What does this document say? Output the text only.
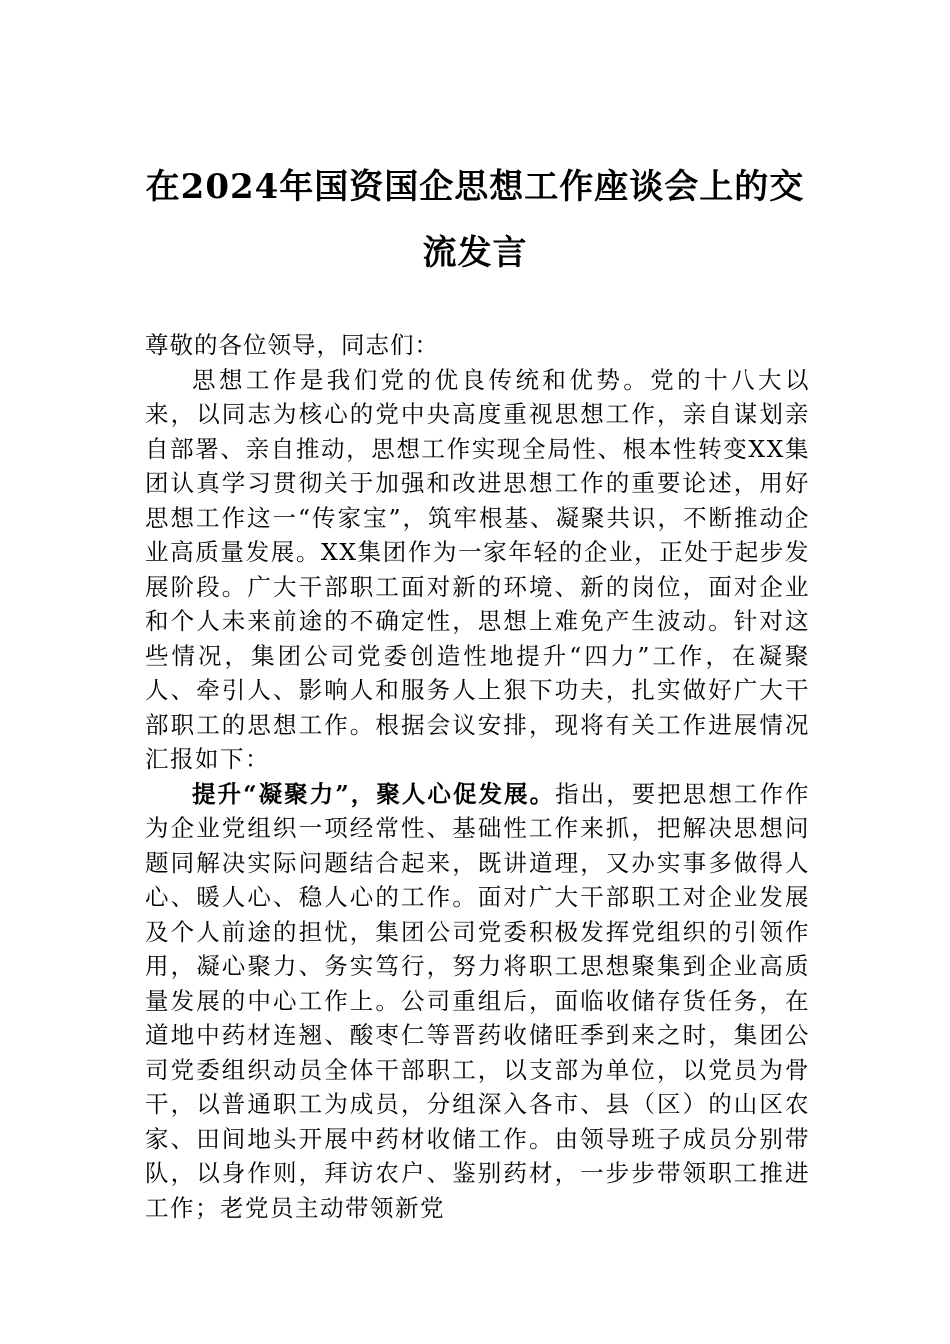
在2024年国资国企思想工作座谈会上的交
流发言

尊敬的各位领导，同志们：

思想工作是我们党的优良传统和优势。党的十八大以来，以同志为核心的党中央高度重视思想工作，亲自谋划亲自部署、亲自推动，思想工作实现全局性、根本性转变XX集团认真学习贯彻关于加强和改进思想工作的重要论述，用好思想工作这一“传家宝”，筑牢根基、凝聚共识，不断推动企业高质量发展。XX集团作为一家年轻的企业，正处于起步发展阶段。广大干部职工面对新的环境、新的岗位，面对企业和个人未来前途的不确定性，思想上难免产生波动。针对这些情况，集团公司党委创造性地提升“四力”工作，在凝聚人、牵引人、影响人和服务人上狠下功夫，扎实做好广大干部职工的思想工作。根据会议安排，现将有关工作进展情况汇报如下：

提升“凝聚力”，聚人心促发展。指出，要把思想工作作为企业党组织一项经常性、基础性工作来抓，把解决思想问题同解决实际问题结合起来，既讲道理，又办实事多做得人心、暖人心、稳人心的工作。面对广大干部职工对企业发展及个人前途的担忧，集团公司党委积极发挥党组织的引领作用，凝心聚力、务实笃行，努力将职工思想聚集到企业高质量发展的中心工作上。公司重组后，面临收储存货任务，在道地中药材连翘、酸枣仁等晋药收储旺季到来之时，集团公司党委组织动员全体干部职工，以支部为单位，以党员为骨干，以普通职工为成员，分组深入各市、县（区）的山区农家、田间地头开展中药材收储工作。由领导班子成员分别带队，以身作则，拜访农户、鉴别药材，一步步带领职工推进工作；老党员主动带领新党
